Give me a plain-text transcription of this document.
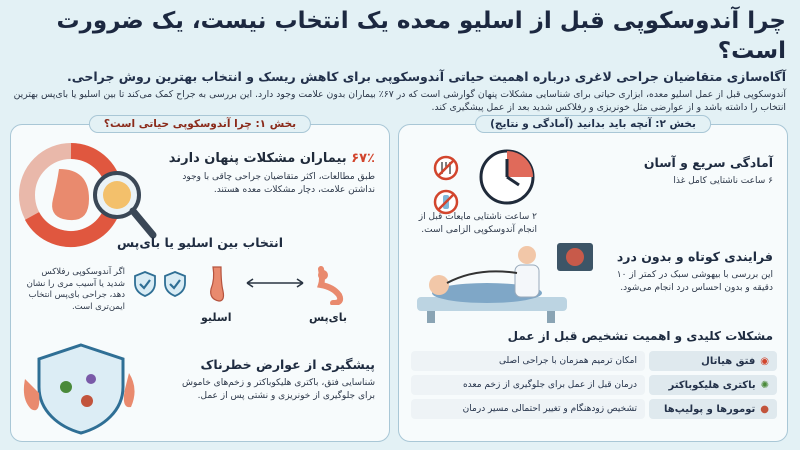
چرا آندوسکوپی قبل از اسلیو معده یک انتخاب نیست، یک ضرورت است؟
آگاه‌سازی متقاضیان جراحی لاغری درباره اهمیت حیاتی آندوسکوپی برای کاهش ریسک و انتخاب بهترین روش جراحی.
آندوسکوپی قبل از عمل اسلیو معده، ابزاری حیاتی برای شناسایی مشکلات پنهان گوارشی است که در ۶۷٪ بیماران بدون علامت وجود دارد. این بررسی به جراح کمک می‌کند تا بین اسلیو یا بای‌پس بهترین انتخاب را داشته باشد و از عوارضی مثل خونریزی و رفلاکس شدید بعد از عمل پیشگیری کند.
بخش ۲: آنچه باید بدانید (آمادگی و نتایج)
۲ ساعت ناشتایی مایعات قبل از انجام آندوسکوپی الزامی است.
آمادگی سریع و آسان
۶ ساعت ناشتایی کامل غذا
فرایندی کوتاه و بدون درد
این بررسی با بیهوشی سبک در کمتر از ۱۰ دقیقه و بدون احساس درد انجام می‌شود.
مشکلات کلیدی و اهمیت تشخیص قبل از عمل
◉
فتق هیاتال
امکان ترمیم همزمان با جراحی اصلی
✺
باکتری هلیکوباکتر
درمان قبل از عمل برای جلوگیری از زخم معده
●
تومورها و پولیپ‌ها
تشخیص زودهنگام و تغییر احتمالی مسیر درمان
بخش ۱: چرا آندوسکوپی حیاتی است؟
۶۷٪ بیماران مشکلات پنهان دارند
طبق مطالعات، اکثر متقاضیان جراحی چاقی با وجود نداشتن علامت، دچار مشکلات معده هستند.
انتخاب بین اسلیو یا بای‌پس
اسلیو	بای‌پس
اگر آندوسکوپی رفلاکس شدید یا آسیب مری را نشان دهد، جراحی بای‌پس انتخاب ایمن‌تری است.
پیشگیری از عوارض خطرناک
شناسایی فتق، باکتری هلیکوباکتر و زخم‌های خاموش برای جلوگیری از خونریزی و نشتی پس از عمل.
